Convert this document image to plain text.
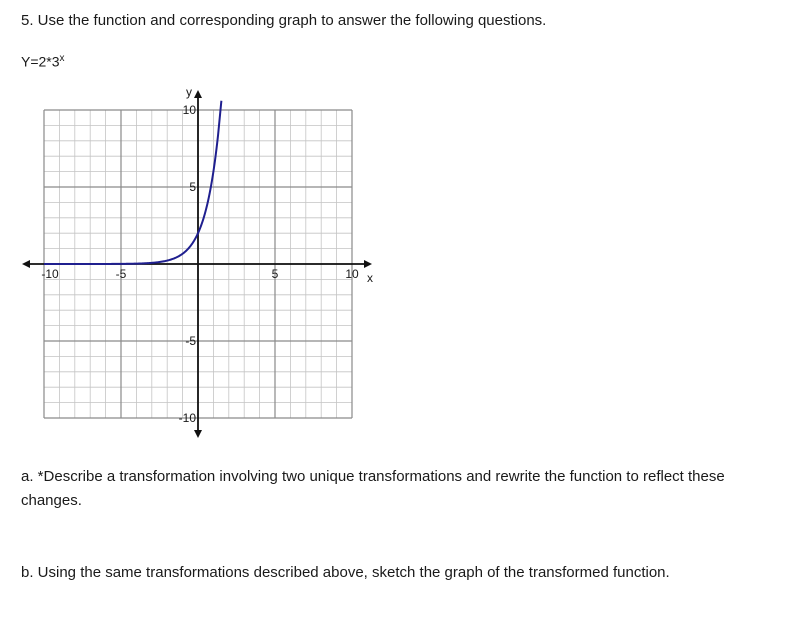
5. Use the function and corresponding graph to answer the following questions.
$Y=2*3^x$
x
y
-10	-5	5	10
10
5
-5
-10
a. *Describe a transformation involving two unique transformations and rewrite the function to reflect these changes.
b. Using the same transformations described above, sketch the graph of the transformed function.
